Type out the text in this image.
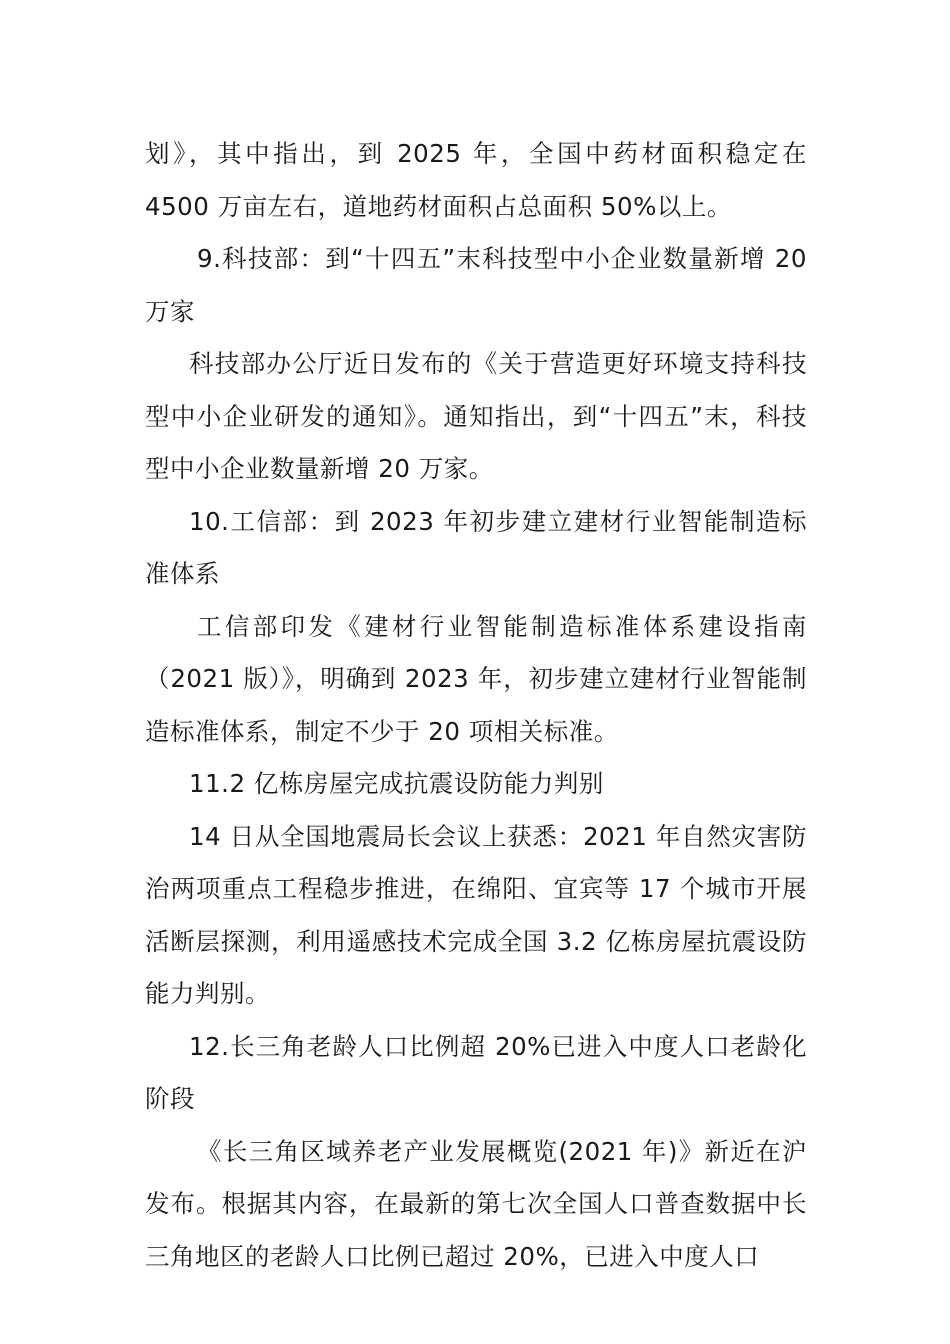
划》，其中指出，到 2025 年，全国中药材面积稳定在 4500 万亩左右，道地药材面积占总面积 50%以上。

9.科技部：到“十四五”末科技型中小企业数量新增 20 万家

科技部办公厅近日发布的《关于营造更好环境支持科技型中小企业研发的通知》。通知指出，到“十四五”末，科技型中小企业数量新增 20 万家。

10.工信部：到 2023 年初步建立建材行业智能制造标准体系

工信部印发《建材行业智能制造标准体系建设指南（2021 版）》，明确到 2023 年，初步建立建材行业智能制造标准体系，制定不少于 20 项相关标准。

11.2 亿栋房屋完成抗震设防能力判别

14 日从全国地震局长会议上获悉：2021 年自然灾害防治两项重点工程稳步推进，在绵阳、宜宾等 17 个城市开展活断层探测，利用遥感技术完成全国 3.2 亿栋房屋抗震设防能力判别。

12.长三角老龄人口比例超 20%已进入中度人口老龄化阶段

《长三角区域养老产业发展概览(2021 年)》新近在沪发布。根据其内容，在最新的第七次全国人口普查数据中长三角地区的老龄人口比例已超过 20%，已进入中度人口
